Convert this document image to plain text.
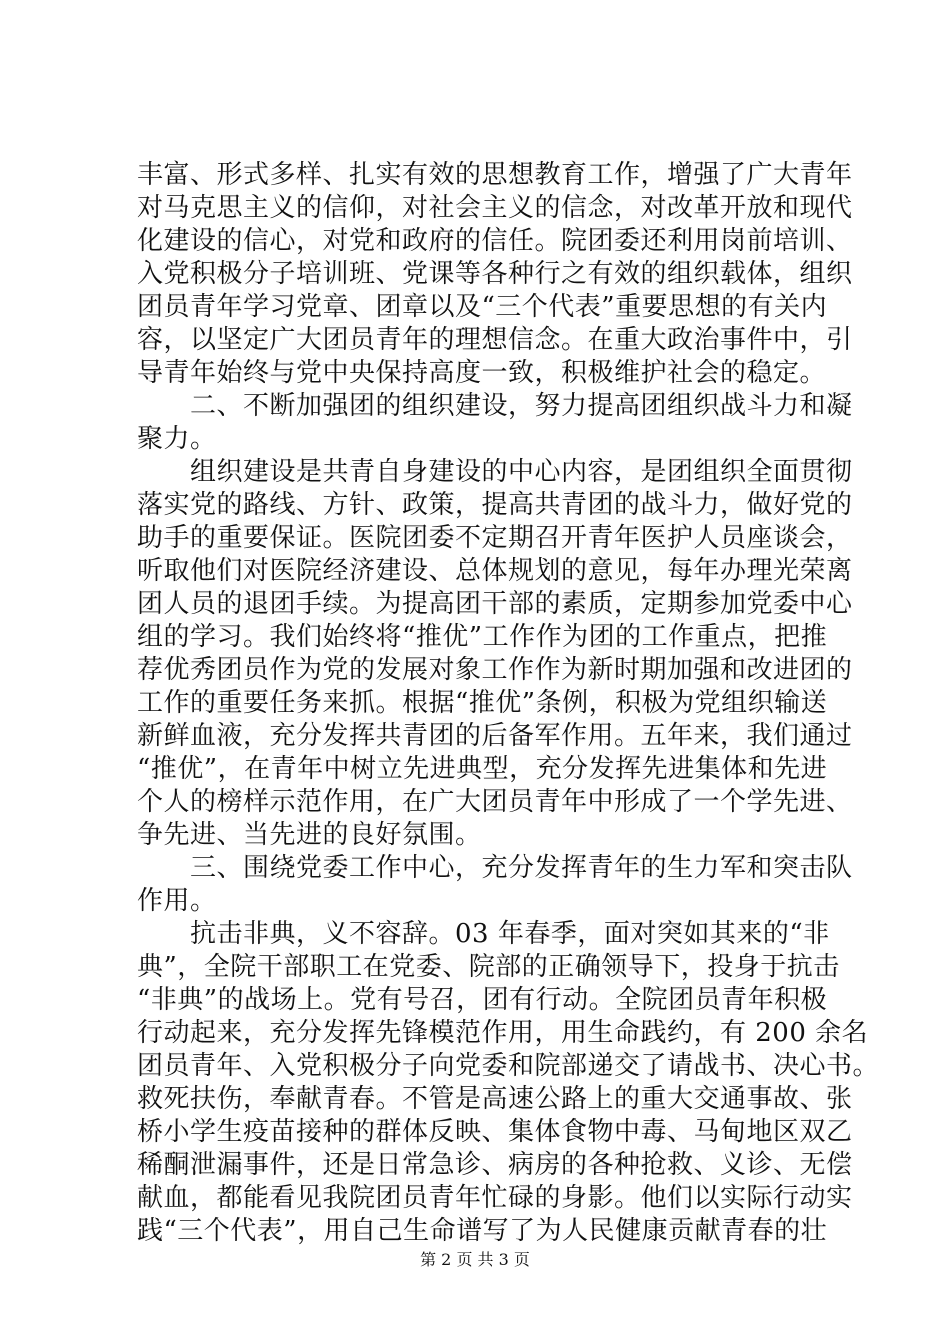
丰富、形式多样、扎实有效的思想教育工作，增强了广大青年
对马克思主义的信仰，对社会主义的信念，对改革开放和现代
化建设的信心，对党和政府的信任。院团委还利用岗前培训、
入党积极分子培训班、党课等各种行之有效的组织载体，组织
团员青年学习党章、团章以及“三个代表”重要思想的有关内
容，以坚定广大团员青年的理想信念。在重大政治事件中，引
导青年始终与党中央保持高度一致，积极维护社会的稳定。
　　二、不断加强团的组织建设，努力提高团组织战斗力和凝
聚力。
　　组织建设是共青自身建设的中心内容，是团组织全面贯彻
落实党的路线、方针、政策，提高共青团的战斗力，做好党的
助手的重要保证。医院团委不定期召开青年医护人员座谈会，
听取他们对医院经济建设、总体规划的意见，每年办理光荣离
团人员的退团手续。为提高团干部的素质，定期参加党委中心
组的学习。我们始终将“推优”工作作为团的工作重点，把推
荐优秀团员作为党的发展对象工作作为新时期加强和改进团的
工作的重要任务来抓。根据“推优”条例，积极为党组织输送
新鲜血液，充分发挥共青团的后备军作用。五年来，我们通过
“推优”，在青年中树立先进典型，充分发挥先进集体和先进
个人的榜样示范作用，在广大团员青年中形成了一个学先进、
争先进、当先进的良好氛围。
　　三、围绕党委工作中心，充分发挥青年的生力军和突击队
作用。
　　抗击非典，义不容辞。03 年春季，面对突如其来的“非
典”，全院干部职工在党委、院部的正确领导下，投身于抗击
“非典”的战场上。党有号召，团有行动。全院团员青年积极
行动起来，充分发挥先锋模范作用，用生命践约，有 200 余名
团员青年、入党积极分子向党委和院部递交了请战书、决心书。
救死扶伤，奉献青春。不管是高速公路上的重大交通事故、张
桥小学生疫苗接种的群体反映、集体食物中毒、马甸地区双乙
稀酮泄漏事件，还是日常急诊、病房的各种抢救、义诊、无偿
献血，都能看见我院团员青年忙碌的身影。他们以实际行动实
践“三个代表”，用自己生命谱写了为人民健康贡献青春的壮
第 2 页 共 3 页
